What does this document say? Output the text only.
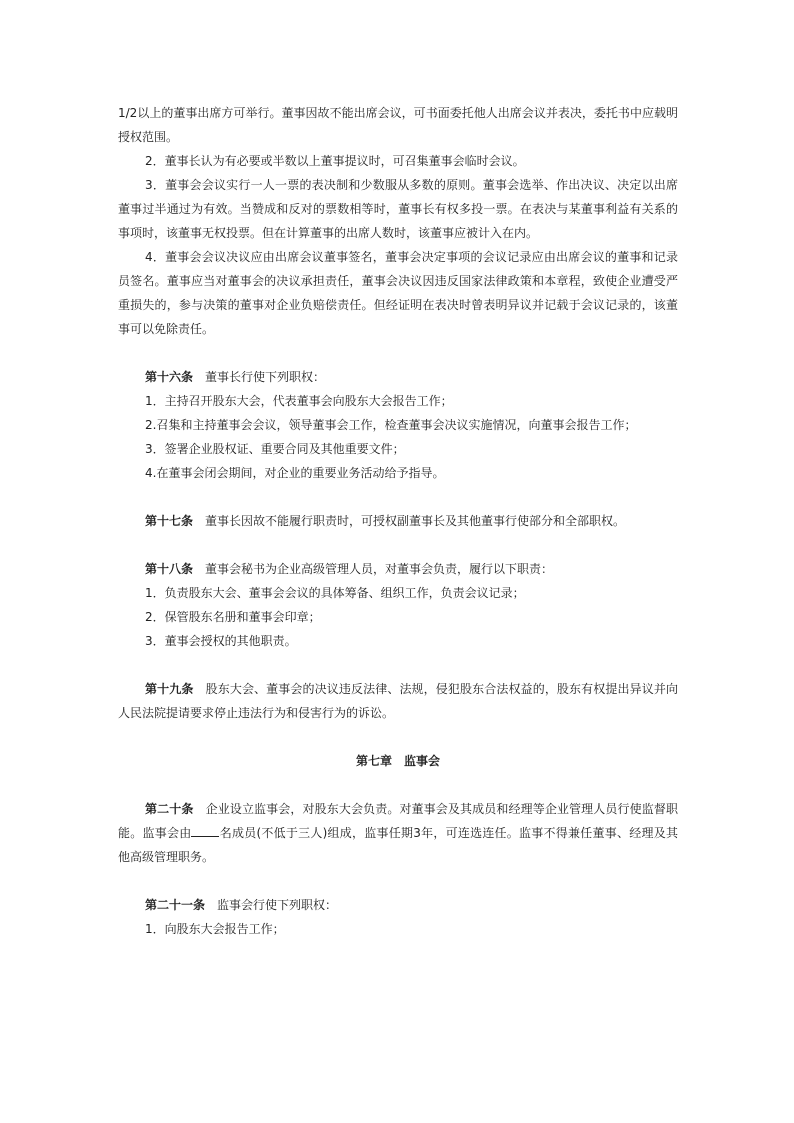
1/2以上的董事出席方可举行。董事因故不能出席会议，可书面委托他人出席会议并表决，委托书中应载明授权范围。

2．董事长认为有必要或半数以上董事提议时，可召集董事会临时会议。

3．董事会会议实行一人一票的表决制和少数服从多数的原则。董事会选举、作出决议、决定以出席董事过半通过为有效。当赞成和反对的票数相等时，董事长有权多投一票。在表决与某董事利益有关系的事项时，该董事无权投票。但在计算董事的出席人数时，该董事应被计入在内。

4．董事会会议决议应由出席会议董事签名，董事会决定事项的会议记录应由出席会议的董事和记录员签名。董事应当对董事会的决议承担责任，董事会决议因违反国家法律政策和本章程，致使企业遭受严重损失的，参与决策的董事对企业负赔偿责任。但经证明在表决时曾表明异议并记载于会议记录的，该董事可以免除责任。

第十六条　 董事长行使下列职权：

1．主持召开股东大会，代表董事会向股东大会报告工作；

2.召集和主持董事会会议，领导董事会工作，检查董事会决议实施情况，向董事会报告工作；

3．签署企业股权证、重要合同及其他重要文件；

4.在董事会闭会期间，对企业的重要业务活动给予指导。

第十七条　 董事长因故不能履行职责时，可授权副董事长及其他董事行使部分和全部职权。

第十八条　 董事会秘书为企业高级管理人员，对董事会负责，履行以下职责：

1．负责股东大会、董事会会议的具体筹备、组织工作，负责会议记录；

2．保管股东名册和董事会印章；

3．董事会授权的其他职责。

第十九条　 股东大会、董事会的决议违反法律、法规，侵犯股东合法权益的，股东有权提出异议并向人民法院提请要求停止违法行为和侵害行为的诉讼。

第七章　监事会

第二十条　 企业设立监事会，对股东大会负责。对董事会及其成员和经理等企业管理人员行使监督职能。监事会由 名成员(不低于三人)组成，监事任期3年，可连选连任。监事不得兼任董事、经理及其他高级管理职务。

第二十一条　 监事会行使下列职权：

1．向股东大会报告工作；
